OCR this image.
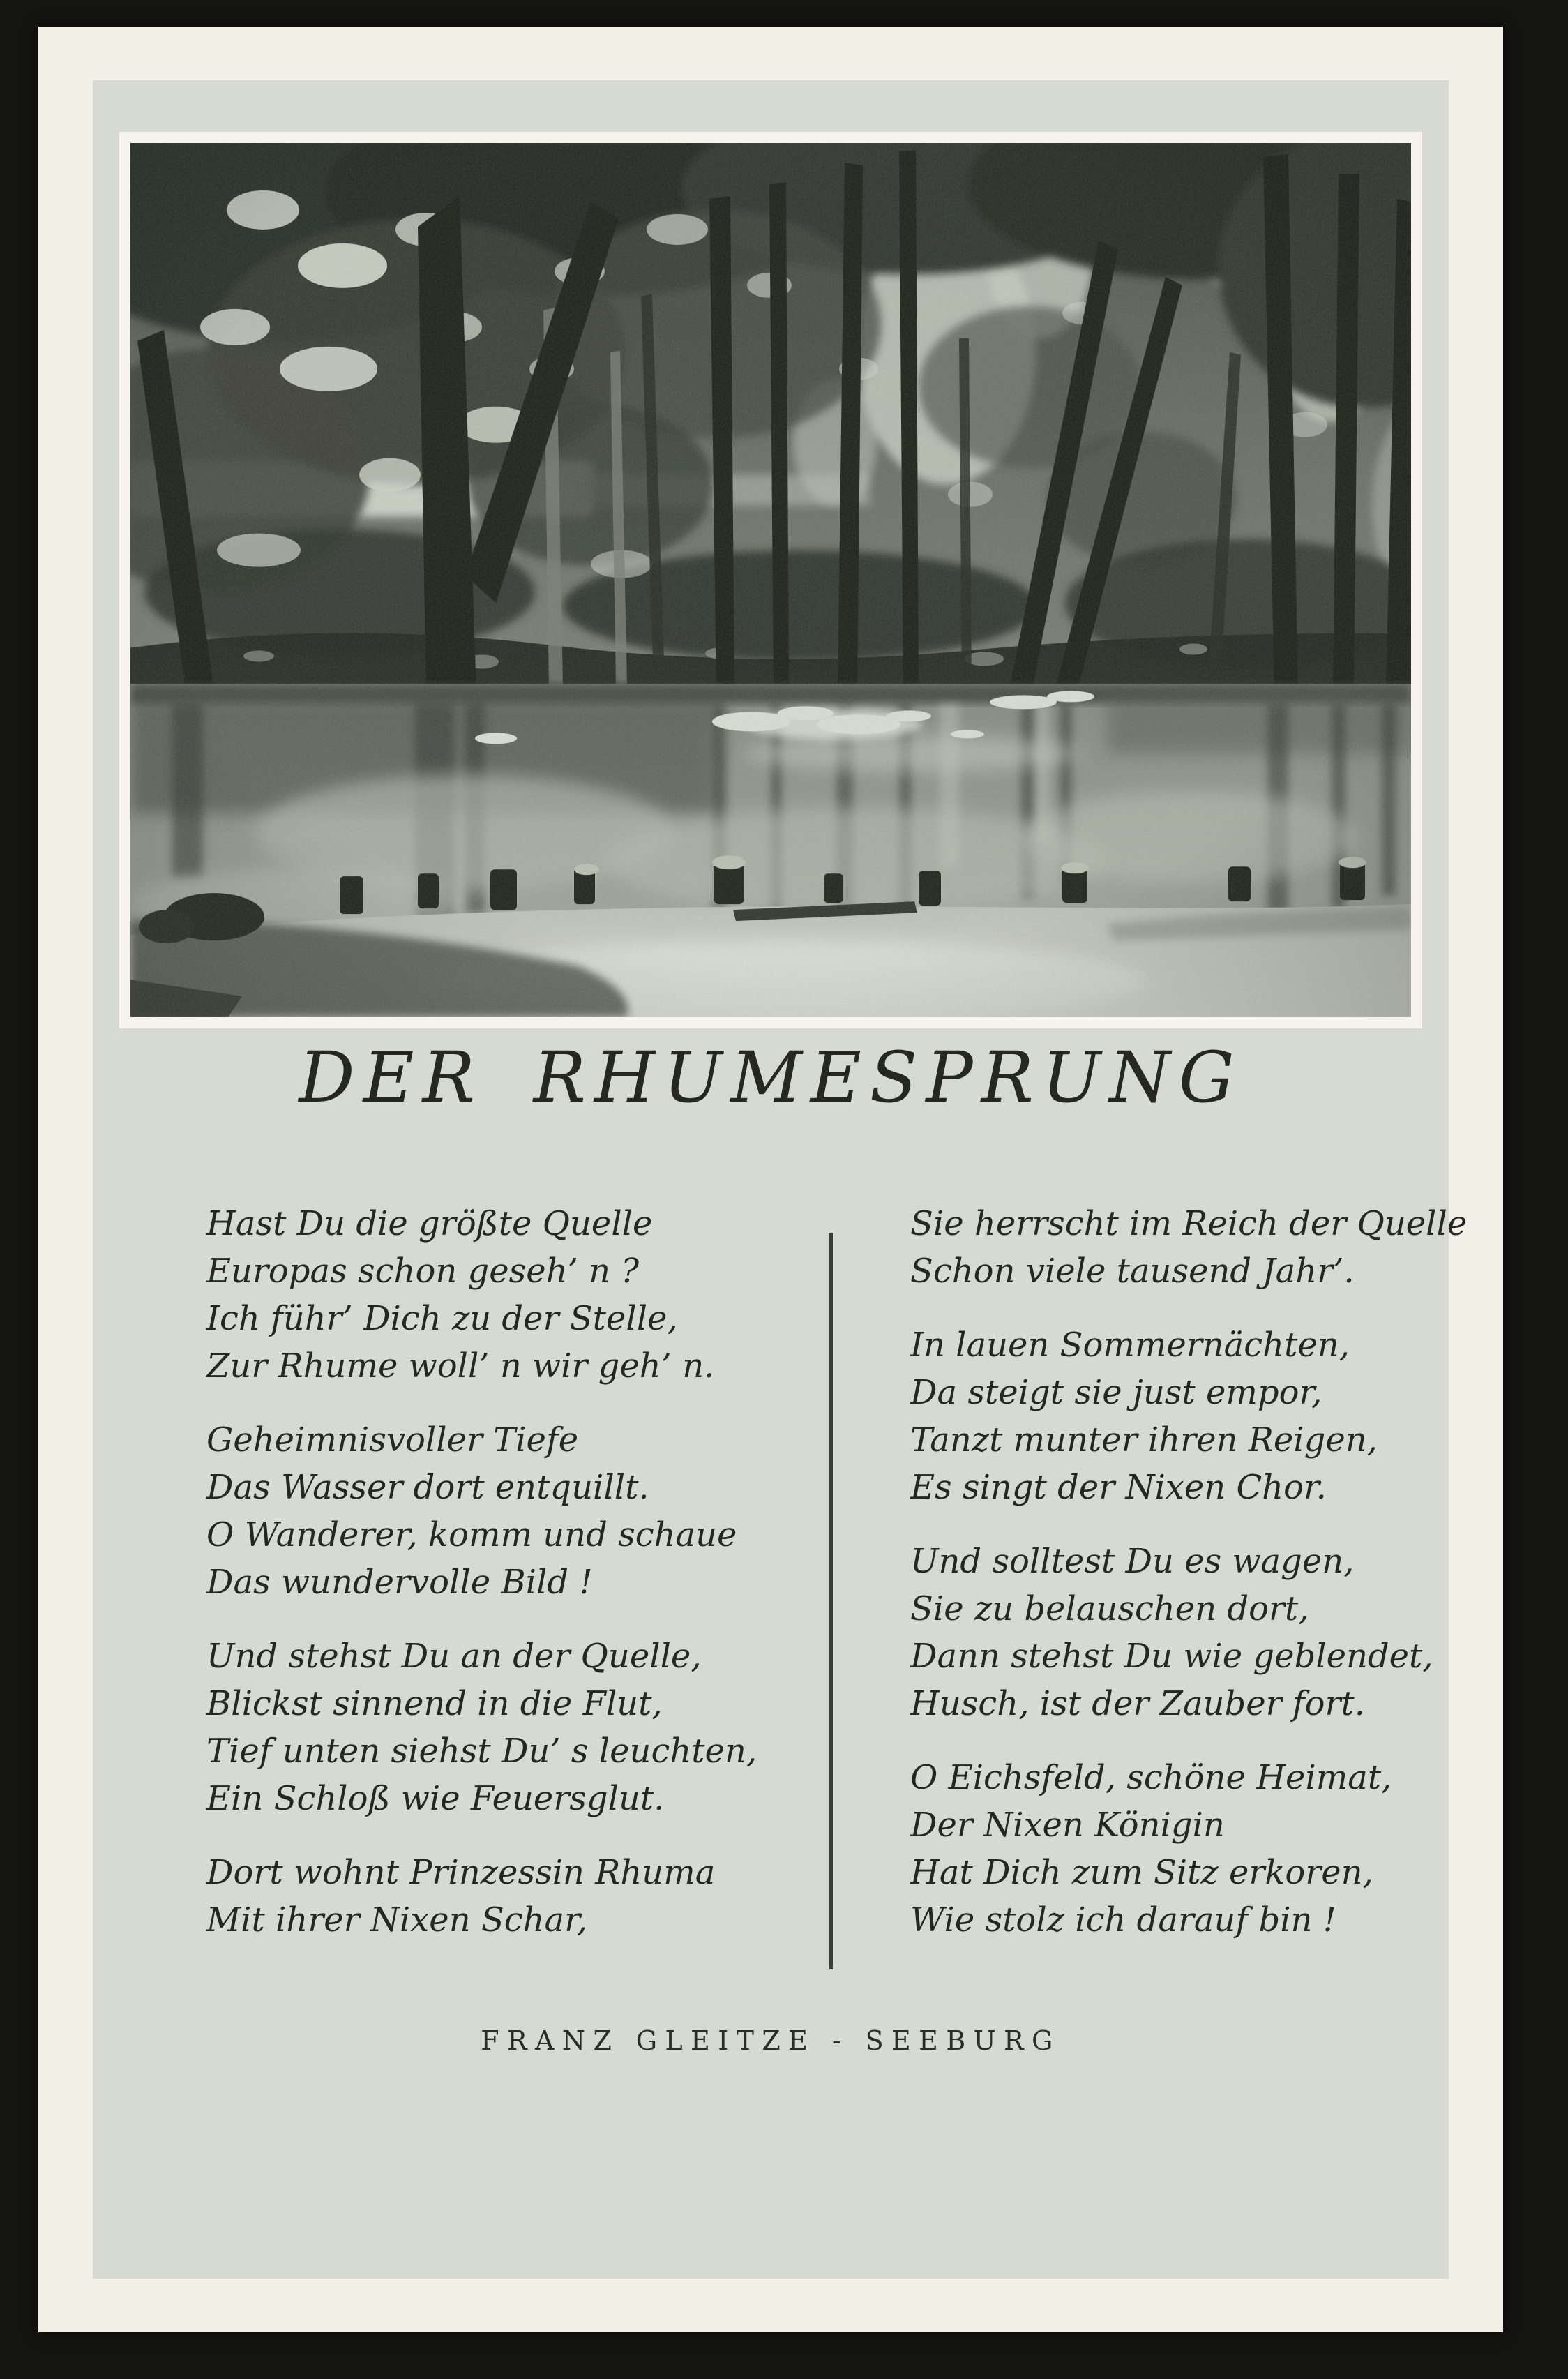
DER RHUMESPRUNG
Hast Du die größte Quelle
Europas schon geseh’ n ?
Ich führ’ Dich zu der Stelle,
Zur Rhume woll’ n wir geh’ n.
Geheimnisvoller Tiefe
Das Wasser dort entquillt.
O Wanderer, komm und schaue
Das wundervolle Bild !
Und stehst Du an der Quelle,
Blickst sinnend in die Flut,
Tief unten siehst Du’ s leuchten,
Ein Schloß wie Feuersglut.
Dort wohnt Prinzessin Rhuma
Mit ihrer Nixen Schar,
Sie herrscht im Reich der Quelle
Schon viele tausend Jahr’.
In lauen Sommernächten,
Da steigt sie just empor,
Tanzt munter ihren Reigen,
Es singt der Nixen Chor.
Und solltest Du es wagen,
Sie zu belauschen dort,
Dann stehst Du wie geblendet,
Husch, ist der Zauber fort.
O Eichsfeld, schöne Heimat,
Der Nixen Königin
Hat Dich zum Sitz erkoren,
Wie stolz ich darauf bin !
FRANZ GLEITZE - SEEBURG
